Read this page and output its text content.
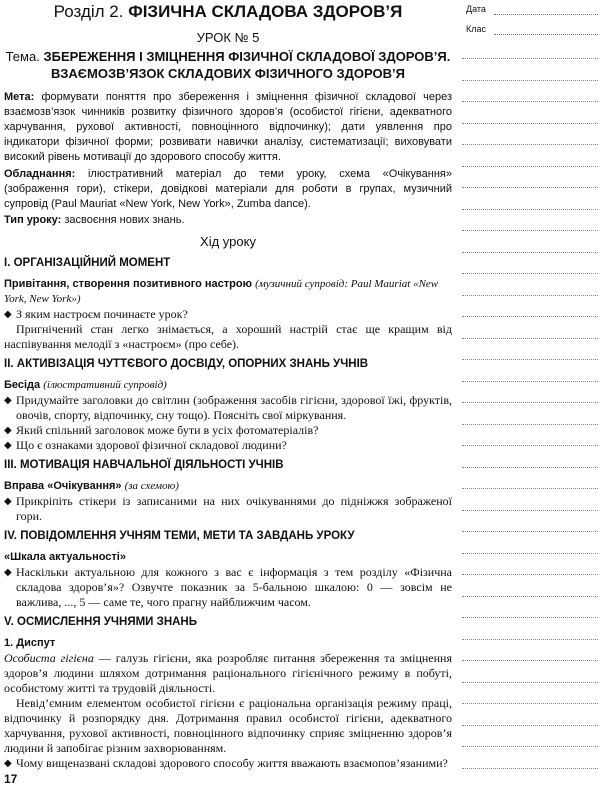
Розділ 2. ФІЗИЧНА СКЛАДОВА ЗДОРОВ’Я
УРОК № 5
Тема. ЗБЕРЕЖЕННЯ І ЗМІЦНЕННЯ ФІЗИЧНОЇ СКЛАДОВОЇ ЗДОРОВ’Я.
ВЗАЄМОЗВ’ЯЗОК СКЛАДОВИХ ФІЗИЧНОГО ЗДОРОВ’Я
Мета: формувати поняття про збереження і зміцнення фізичної складової через взаємозв’язок чинників розвитку фізичного здоров’я (особистої гігієни, адекватного харчування, рухової активності, повноцінного відпочинку); дати уявлення про індикатори фізичної форми; розвивати навички аналізу, систематизації; виховувати високий рівень мотивації до здорового способу життя.
Обладнання: ілюстративний матеріал до теми уроку, схема «Очікування» (зображення гори), стікери, довідкові матеріали для роботи в групах, музичний супровід (Paul Mauriat «New York, New York», Zumba dance).
Тип уроку: засвоєння нових знань.
Хід уроку
I. ОРГАНІЗАЦІЙНИЙ МОМЕНТ
Привітання, створення позитивного настрою (музичний супровід: Paul Mauriat «New York, New York»)
◆ З яким настроєм починаєте урок?
Пригнічений стан легко знімається, а хороший настрій стає ще кращим від наспівування мелодії з «настроєм» (про себе).
II. АКТИВІЗАЦІЯ ЧУТТЄВОГО ДОСВІДУ, ОПОРНИХ ЗНАНЬ УЧНІВ
Бесіда (ілюстративний супровід)
◆ Придумайте заголовки до світлин (зображення засобів гігієни, здорової їжі, фруктів, овочів, спорту, відпочинку, сну тощо). Поясніть свої міркування.
◆ Який спільний заголовок може бути в усіх фотоматеріалів?
◆ Що є ознаками здорової фізичної складової людини?
III. МОТИВАЦІЯ НАВЧАЛЬНОЇ ДІЯЛЬНОСТІ УЧНІВ
Вправа «Очікування» (за схемою)
◆ Прикріпіть стікери із записаними на них очікуваннями до підніжжя зображеної гори.
IV. ПОВІДОМЛЕННЯ УЧНЯМ ТЕМИ, МЕТИ ТА ЗАВДАНЬ УРОКУ
«Шкала актуальності»
◆ Наскільки актуальною для кожного з вас є інформація з тем розділу «Фізична складова здоров’я»? Озвучте показник за 5-бальною шкалою: 0 — зовсім не важлива, ..., 5 — саме те, чого прагну найближчим часом.
V. ОСМИСЛЕННЯ УЧНЯМИ ЗНАНЬ
1. Диспут
Особиста гігієна — галузь гігієни, яка розробляє питання збереження та зміцнення здоров’я людини шляхом дотримання раціонального гігієнічного режиму в побуті, особистому житті та трудовій діяльності.
Невід’ємним елементом особистої гігієни є раціональна організація режиму праці, відпочинку й розпорядку дня. Дотримання правил особистої гігієни, адекватного харчування, рухової активності, повноцінного відпочинку сприяє зміцненню здоров’я людини й запобігає різним захворюванням.
◆ Чому вищеназвані складові здорового способу життя вважають взаємопов’язаними?
17
Дата
Клас
